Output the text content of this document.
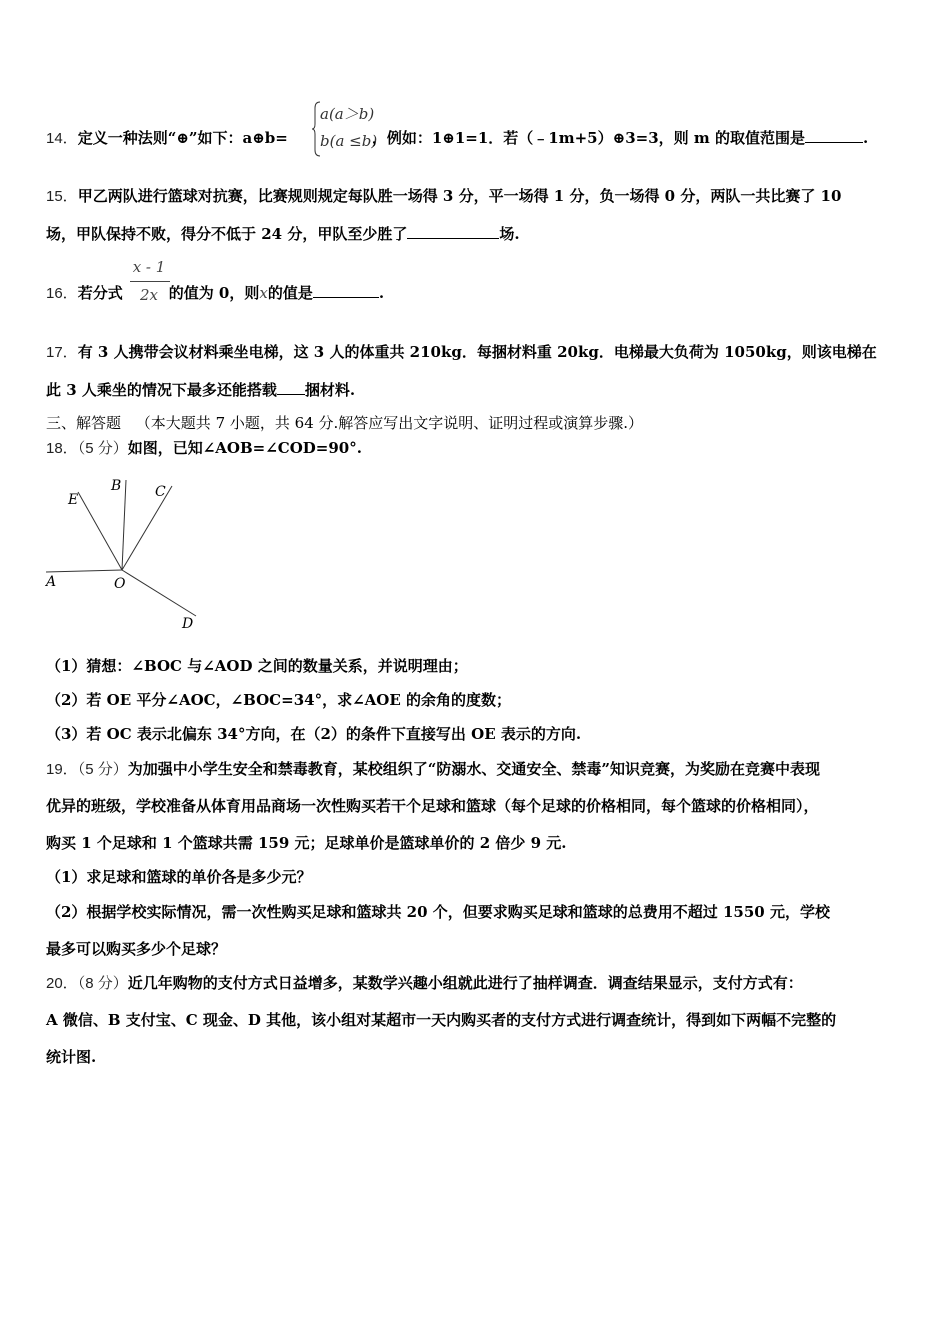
a(a＞b)
b(a ≤b)
14．定义一种法则“⊕”如下：a⊕b=	，例如：1⊕1=1．若（﹣1m+5）⊕3=3，则 m 的取值范围是	.
15．甲乙两队进行篮球对抗赛，比赛规则规定每队胜一场得 3 分，平一场得 1 分，负一场得 0 分，两队一共比赛了 10
场，甲队保持不败，得分不低于 24 分，甲队至少胜了	场.
x - 1
2x
16．若分式	的值为 0，则x的值是	.
17．有 3 人携带会议材料乘坐电梯，这 3 人的体重共 210kg．每捆材料重 20kg．电梯最大负荷为 1050kg，则该电梯在
此 3 人乘坐的情况下最多还能搭载 捆材料.
三、解答题 （本大题共 7 小题，共 64 分.解答应写出文字说明、证明过程或演算步骤.）
18．（5 分）如图，已知∠AOB=∠COD=90°.
E
B C
A	O
D
（1）猜想：∠BOC 与∠AOD 之间的数量关系，并说明理由；
（2）若 OE 平分∠AOC，∠BOC=34°，求∠AOE 的余角的度数；
（3）若 OC 表示北偏东 34°方向，在（2）的条件下直接写出 OE 表示的方向.
19．（5 分）为加强中小学生安全和禁毒教育，某校组织了“防溺水、交通安全、禁毒”知识竞赛，为奖励在竞赛中表现
优异的班级，学校准备从体育用品商场一次性购买若干个足球和篮球（每个足球的价格相同，每个篮球的价格相同），
购买 1 个足球和 1 个篮球共需 159 元；足球单价是篮球单价的 2 倍少 9 元.
（1）求足球和篮球的单价各是多少元？
（2）根据学校实际情况，需一次性购买足球和篮球共 20 个，但要求购买足球和篮球的总费用不超过 1550 元，学校
最多可以购买多少个足球？
20．（8 分）近几年购物的支付方式日益增多，某数学兴趣小组就此进行了抽样调查．调查结果显示，支付方式有：
A 微信、B 支付宝、C 现金、D 其他，该小组对某超市一天内购买者的支付方式进行调查统计，得到如下两幅不完整的
统计图.
